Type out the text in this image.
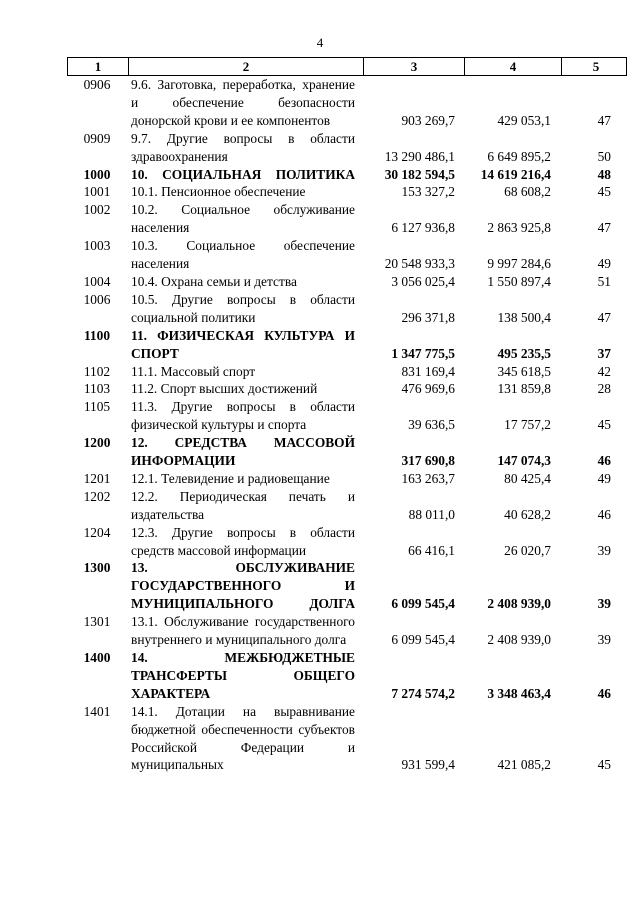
4
1	2	3	4	5
0906	9.6. Заготовка, переработка, хранение и обеспечение безопасности донорской крови и ее компонентов	903 269,7	429 053,1	47
0909	9.7. Другие вопросы в области здравоохранения	13 290 486,1	6 649 895,2	50
1000	10. СОЦИАЛЬНАЯ ПОЛИТИКА	30 182 594,5	14 619 216,4	48
1001	10.1. Пенсионное обеспечение	153 327,2	68 608,2	45
1002	10.2. Социальное обслуживание населения	6 127 936,8	2 863 925,8	47
1003	10.3. Социальное обеспечение населения	20 548 933,3	9 997 284,6	49
1004	10.4. Охрана семьи и детства	3 056 025,4	1 550 897,4	51
1006	10.5. Другие вопросы в области социальной политики	296 371,8	138 500,4	47
1100	11. ФИЗИЧЕСКАЯ КУЛЬТУРА И СПОРТ	1 347 775,5	495 235,5	37
1102	11.1. Массовый спорт	831 169,4	345 618,5	42
1103	11.2. Спорт высших достижений	476 969,6	131 859,8	28
1105	11.3. Другие вопросы в области физической культуры и спорта	39 636,5	17 757,2	45
1200	12. СРЕДСТВА МАССОВОЙ ИНФОРМАЦИИ	317 690,8	147 074,3	46
1201	12.1. Телевидение и радиовещание	163 263,7	80 425,4	49
1202	12.2. Периодическая печать и издательства	88 011,0	40 628,2	46
1204	12.3. Другие вопросы в области средств массовой информации	66 416,1	26 020,7	39
1300	13. ОБСЛУЖИВАНИЕ ГОСУДАРСТВЕННОГО И МУНИЦИПАЛЬНОГО ДОЛГА	6 099 545,4	2 408 939,0	39
1301	13.1. Обслуживание государственного внутреннего и муниципального долга	6 099 545,4	2 408 939,0	39
1400	14. МЕЖБЮДЖЕТНЫЕ ТРАНСФЕРТЫ ОБЩЕГО ХАРАКТЕРА	7 274 574,2	3 348 463,4	46
1401	14.1. Дотации на выравнивание бюджетной обеспеченности субъектов Российской Федерации и муниципальных	931 599,4	421 085,2	45
